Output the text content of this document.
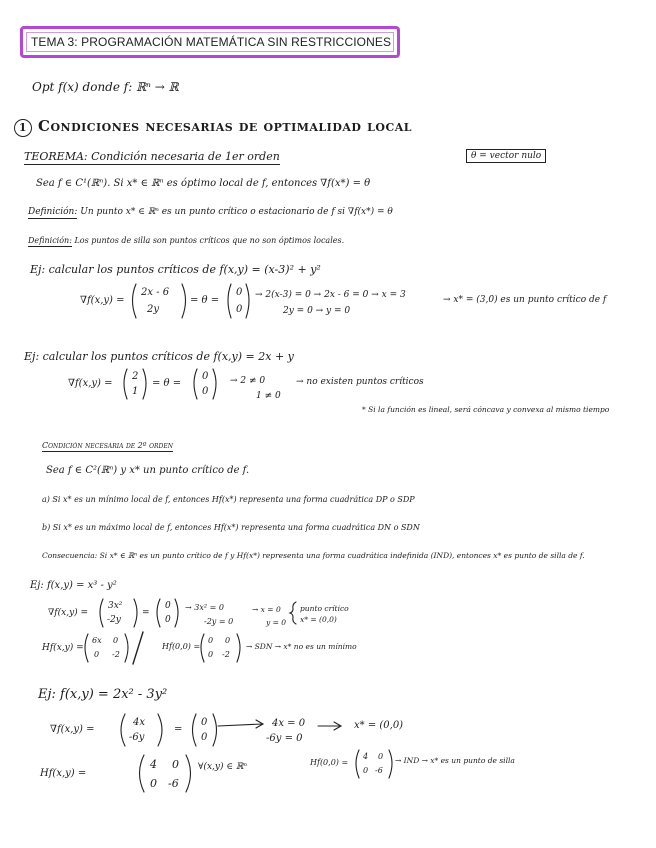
TEMA 3: PROGRAMACIÓN MATEMÁTICA SIN RESTRICCIONES
Opt f(x) donde f: ℝⁿ → ℝ
1 Condiciones necesarias de optimalidad local
TEOREMA: Condición necesaria de 1er orden	θ = vector nulo
Sea f ∈ C¹(ℝⁿ). Si x* ∈ ℝⁿ es óptimo local de f, entonces ∇f(x*) = θ
Definición: Un punto x* ∈ ℝⁿ es un punto crítico o estacionario de f si ∇f(x*) = θ
Definición: Los puntos de silla son puntos críticos que no son óptimos locales.
Ej: calcular los puntos críticos de f(x,y) = (x-3)² + y²
∇f(x,y) =
2x - 6
2y
= θ =
0
0
→ 2(x-3) = 0 → 2x - 6 = 0 → x = 3
2y = 0 → y = 0
→ x* = (3,0) es un punto crítico de f
Ej: calcular los puntos críticos de f(x,y) = 2x + y
∇f(x,y) =
2
1
= θ =
0
0
→ 2 ≠ 0
1 ≠ 0
→ no existen puntos críticos
* Si la función es lineal, será cóncava y convexa al mismo tiempo
Condición necesaria de 2º orden
Sea f ∈ C²(ℝⁿ) y x* un punto crítico de f.
a) Si x* es un mínimo local de f, entonces Hf(x*) representa una forma cuadrática DP o SDP
b) Si x* es un máximo local de f, entonces Hf(x*) representa una forma cuadrática DN o SDN
Consecuencia: Si x* ∈ ℝⁿ es un punto crítico de f y Hf(x*) representa una forma cuadrática indefinida (IND), entonces x* es punto de silla de f.
Ej: f(x,y) = x³ - y²
∇f(x,y) =
3x²
-2y
=
0
0
→ 3x² = 0
-2y = 0
→ x = 0
y = 0
punto crítico
x* = (0,0)
Hf(x,y) =
6x 0
0 -2
Hf(0,0) =
0 0
0 -2
→ SDN → x* no es un mínimo
Ej: f(x,y) = 2x² - 3y²
∇f(x,y) =
4x
-6y
=
0
0
4x = 0
-6y = 0
x* = (0,0)
Hf(x,y) =
4 0
0 -6
∀(x,y) ∈ ℝⁿ	Hf(0,0) =
4 0
0 -6
→ IND → x* es un punto de silla
